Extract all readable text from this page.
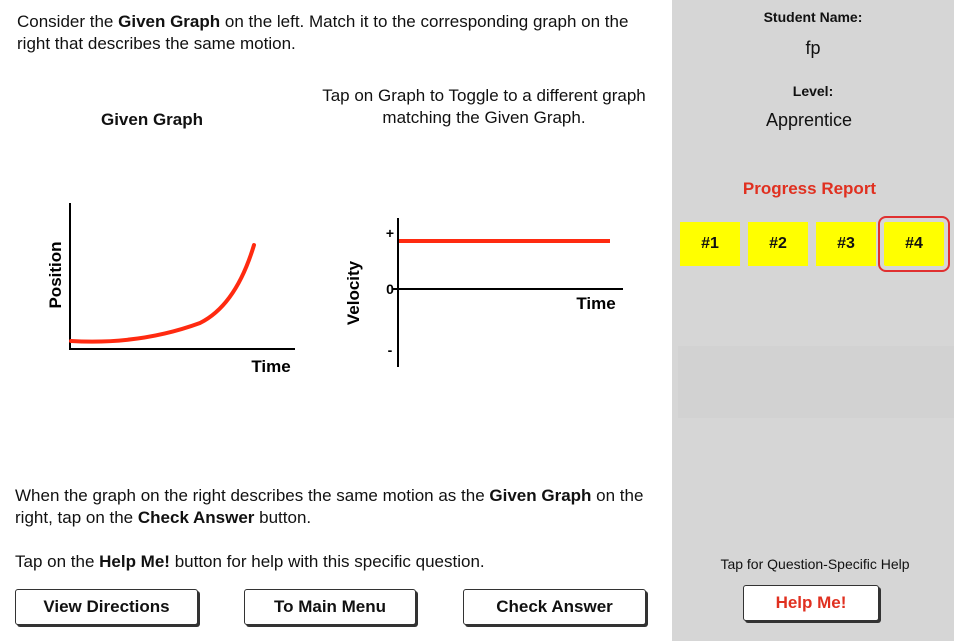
Consider the Given Graph on the left. Match it to the corresponding graph on the right that describes the same motion.
Given Graph
Tap on Graph to Toggle to a different graph matching the Given Graph.
Time
Position
+
0
-
Time
Velocity
When the graph on the right describes the same motion as the Given Graph on the right, tap on the Check Answer button.
Tap on the Help Me! button for help with this specific question.
View Directions	To Main Menu	Check Answer
Student Name:
fp
Level:
Apprentice
Progress Report
#1	#2	#3	#4
Tap for Question-Specific Help
Help Me!
